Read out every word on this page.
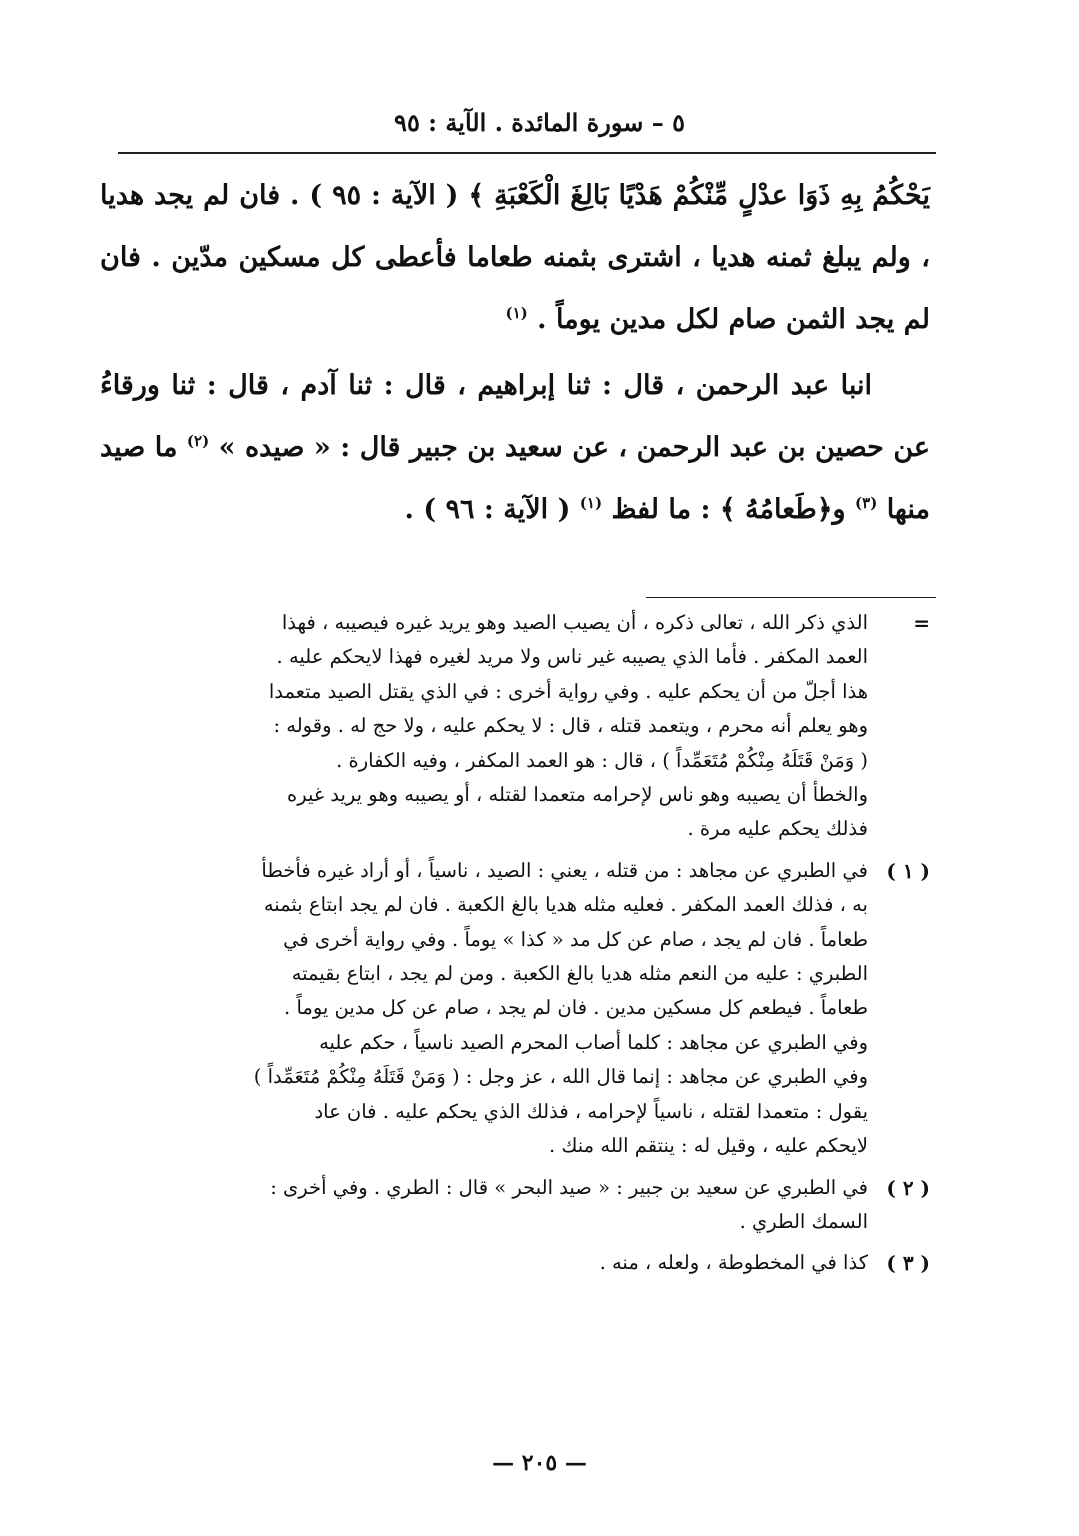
٥ – سورة المائدة . الآية : ٩٥

يَحْكُمُ بِهِ ذَوَا عدْلٍ مِّنْكُمْ هَدْيًا بَالِغَ الْكَعْبَةِ ﴾ ( الآية : ٩٥ ) . فان لم يجد هديا ، ولم يبلغ ثمنه هديا ، اشترى بثمنه طعاما فأعطى كل مسكين مدّين . فان لم يجد الثمن صام لكل مدين يوماً . $^{(١)}$

انبا عبد الرحمن ، قال : ثنا إبراهيم ، قال : ثنا آدم ، قال : ثنا ورقاءُ عن حصين بن عبد الرحمن ، عن سعيد بن جبير قال : « صيده » $^{(٢)}$ ما صيد منها $^{(٣)}$ و﴿طَعامُهُ ﴾ : ما لفظ $^{(١)}$ ( الآية : ٩٦ ) .

=

الذي ذكر الله ، تعالى ذكره ، أن يصيب الصيد وهو يريد غيره فيصيبه ، فهذا

العمد المكفر . فأما الذي يصيبه غير ناس ولا مريد لغيره فهذا لايحكم عليه .

هذا أجلّ من أن يحكم عليه . وفي رواية أخرى : في الذي يقتل الصيد متعمدا

وهو يعلم أنه محرم ، ويتعمد قتله ، قال : لا يحكم عليه ، ولا حج له . وقوله :

( وَمَنْ قَتَلَهُ مِنْكُمْ مُتَعَمِّداً ) ، قال : هو العمد المكفر ، وفيه الكفارة .

والخطأ أن يصيبه وهو ناس لإحرامه متعمدا لقتله ، أو يصيبه وهو يريد غيره

فذلك يحكم عليه مرة .

( ١ )

في الطبري عن مجاهد : من قتله ، يعني : الصيد ، ناسياً ، أو أراد غيره فأخطأ

به ، فذلك العمد المكفر . فعليه مثله هديا بالغ الكعبة . فان لم يجد ابتاع بثمنه

طعاماً . فان لم يجد ، صام عن كل مد « كذا » يوماً . وفي رواية أخرى في

الطبري : عليه من النعم مثله هديا بالغ الكعبة . ومن لم يجد ، ابتاع بقيمته

طعاماً . فيطعم كل مسكين مدين . فان لم يجد ، صام عن كل مدين يوماً .

وفي الطبري عن مجاهد : كلما أصاب المحرم الصيد ناسياً ، حكم عليه

وفي الطبري عن مجاهد : إنما قال الله ، عز وجل : ( وَمَنْ قَتَلَهُ مِنْكُمْ مُتَعَمِّداً )

يقول : متعمدا لقتله ، ناسياً لإحرامه ، فذلك الذي يحكم عليه . فان عاد

لايحكم عليه ، وقيل له : ينتقم الله منك .

( ٢ )

في الطبري عن سعيد بن جبير : « صيد البحر » قال : الطري . وفي أخرى :

السمك الطري .

( ٣ )

كذا في المخطوطة ، ولعله ، منه .

— ٢٠٥ —
